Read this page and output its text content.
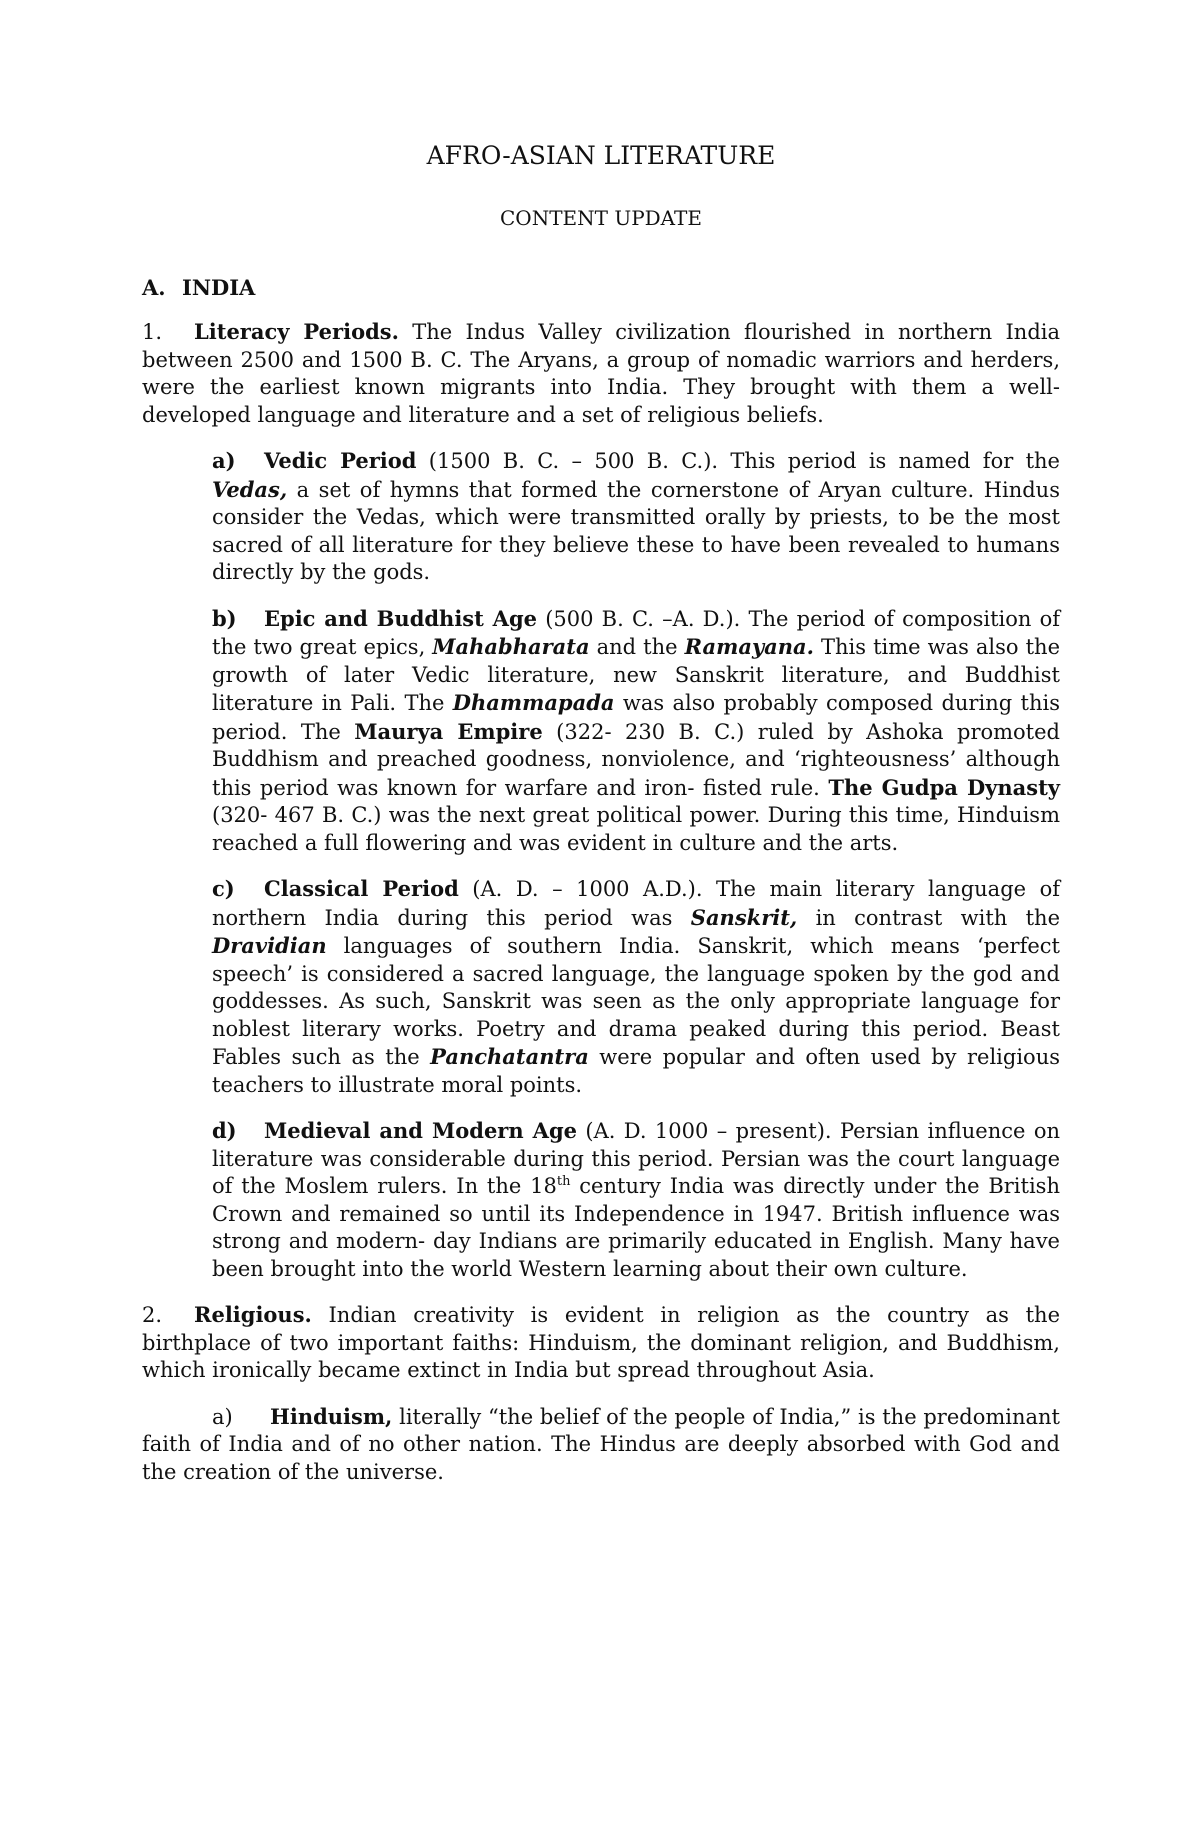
AFRO-ASIAN LITERATURE
CONTENT UPDATE
A. INDIA

1. Literacy Periods. The Indus Valley civilization flourished in northern India between 2500 and 1500 B. C. The Aryans, a group of nomadic warriors and herders, were the earliest known migrants into India. They brought with them a well- developed language and literature and a set of religious beliefs.

a) Vedic Period (1500 B. C. – 500 B. C.). This period is named for the Vedas, a set of hymns that formed the cornerstone of Aryan culture. Hindus consider the Vedas, which were transmitted orally by priests, to be the most sacred of all literature for they believe these to have been revealed to humans directly by the gods.

b) Epic and Buddhist Age (500 B. C. –A. D.). The period of composition of the two great epics, Mahabharata and the Ramayana. This time was also the growth of later Vedic literature, new Sanskrit literature, and Buddhist literature in Pali. The Dhammapada was also probably composed during this period. The Maurya Empire (322- 230 B. C.) ruled by Ashoka promoted Buddhism and preached goodness, nonviolence, and ‘righteousness’ although this period was known for warfare and iron- fisted rule. The Gudpa Dynasty (320- 467 B. C.) was the next great political power. During this time, Hinduism reached a full flowering and was evident in culture and the arts.

c) Classical Period (A. D. – 1000 A.D.). The main literary language of northern India during this period was Sanskrit, in contrast with the Dravidian languages of southern India. Sanskrit, which means ‘perfect speech’ is considered a sacred language, the language spoken by the god and goddesses. As such, Sanskrit was seen as the only appropriate language for noblest literary works. Poetry and drama peaked during this period. Beast Fables such as the Panchatantra were popular and often used by religious teachers to illustrate moral points.

d) Medieval and Modern Age (A. D. 1000 – present). Persian influence on literature was considerable during this period. Persian was the court language of the Moslem rulers. In the 18th century India was directly under the British Crown and remained so until its Independence in 1947. British influence was strong and modern- day Indians are primarily educated in English. Many have been brought into the world Western learning about their own culture.

2. Religious. Indian creativity is evident in religion as the country as the birthplace of two important faiths: Hinduism, the dominant religion, and Buddhism, which ironically became extinct in India but spread throughout Asia.

a) Hinduism, literally “the belief of the people of India,” is the predominant faith of India and of no other nation. The Hindus are deeply absorbed with God and the creation of the universe.
